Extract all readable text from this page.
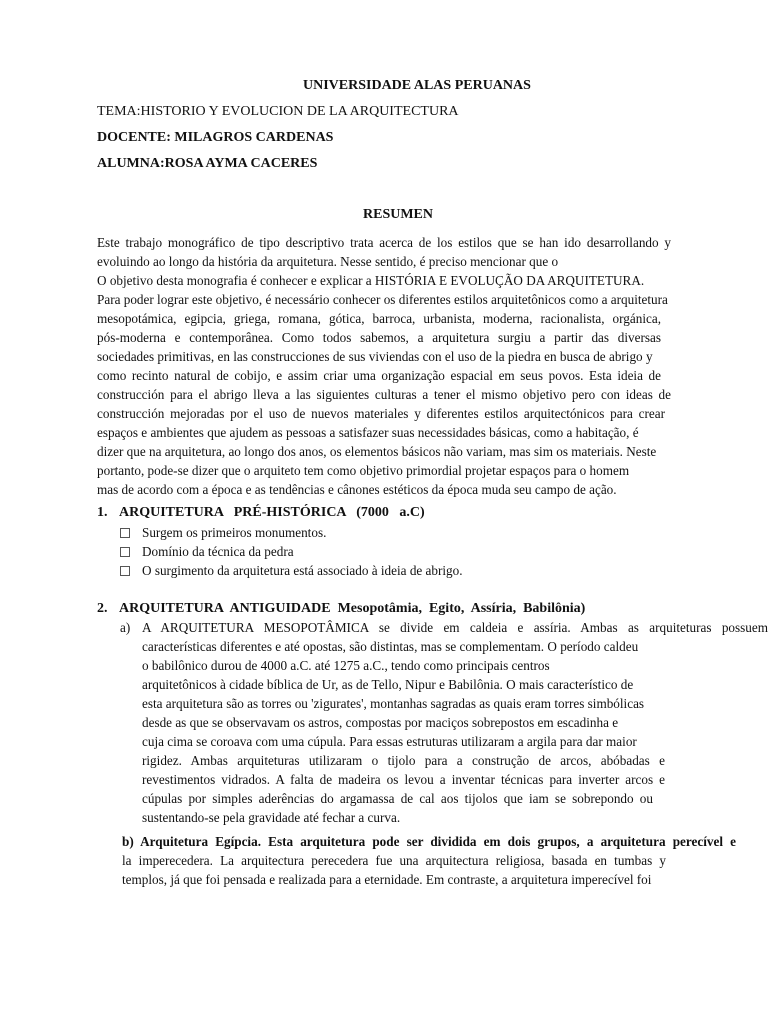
UNIVERSIDADE ALAS PERUANAS
TEMA:HISTORIO Y EVOLUCION DE LA ARQUITECTURA
DOCENTE: MILAGROS CARDENAS
ALUMNA:ROSA AYMA CACERES
RESUMEN
Este trabajo monográfico de tipo descriptivo trata acerca de los estilos que se han ido desarrollando y
evoluindo ao longo da história da arquitetura. Nesse sentido, é preciso mencionar que o
O objetivo desta monografia é conhecer e explicar a HISTÓRIA E EVOLUÇÃO DA ARQUITETURA.
Para poder lograr este objetivo, é necessário conhecer os diferentes estilos arquitetônicos como a arquitetura
mesopotámica, egipcia, griega, romana, gótica, barroca, urbanista, moderna, racionalista, orgánica,
pós-moderna e contemporânea. Como todos sabemos, a arquitetura surgiu a partir das diversas
sociedades primitivas, en las construcciones de sus viviendas con el uso de la piedra en busca de abrigo y
como recinto natural de cobijo, e assim criar uma organização espacial em seus povos. Esta ideia de
construcción para el abrigo lleva a las siguientes culturas a tener el mismo objetivo pero con ideas de
construcción mejoradas por el uso de nuevos materiales y diferentes estilos arquitectónicos para crear
espaços e ambientes que ajudem as pessoas a satisfazer suas necessidades básicas, como a habitação, é
dizer que na arquitetura, ao longo dos anos, os elementos básicos não variam, mas sim os materiais. Neste
portanto, pode-se dizer que o arquiteto tem como objetivo primordial projetar espaços para o homem
mas de acordo com a época e as tendências e cânones estéticos da época muda seu campo de ação.
1. ARQUITETURA   PRÉ-HISTÓRICA   (7000   a.C)
Surgem os primeiros monumentos.
Domínio da técnica da pedra
O surgimento da arquitetura está associado à ideia de abrigo.
2. ARQUITETURA  ANTIGUIDADE  Mesopotâmia,  Egito,  Assíria,  Babilônia)
a) A ARQUITETURA MESOPOTÂMICA se divide em caldeia e assíria. Ambas as arquiteturas possuem
características diferentes e até opostas, são distintas, mas se complementam. O período caldeu
o babilônico durou de 4000 a.C. até 1275 a.C., tendo como principais centros
arquitetônicos à cidade bíblica de Ur, as de Tello, Nipur e Babilônia. O mais característico de
esta arquitetura são as torres ou 'zigurates', montanhas sagradas as quais eram torres simbólicas
desde as que se observavam os astros, compostas por maciços sobrepostos em escadinha e
cuja cima se coroava com uma cúpula. Para essas estruturas utilizaram a argila para dar maior
rigidez. Ambas arquiteturas utilizaram o tijolo para a construção de arcos, abóbadas e
revestimentos vidrados. A falta de madeira os levou a inventar técnicas para inverter arcos e
cúpulas por simples aderências do argamassa de cal aos tijolos que iam se sobrepondo ou
sustentando-se pela gravidade até fechar a curva.
b) Arquitetura Egípcia. Esta arquitetura pode ser dividida em dois grupos, a arquitetura perecível e
la imperecedera. La arquitectura perecedera fue una arquitectura religiosa, basada en tumbas y
templos, já que foi pensada e realizada para a eternidade. Em contraste, a arquitetura imperecível foi
